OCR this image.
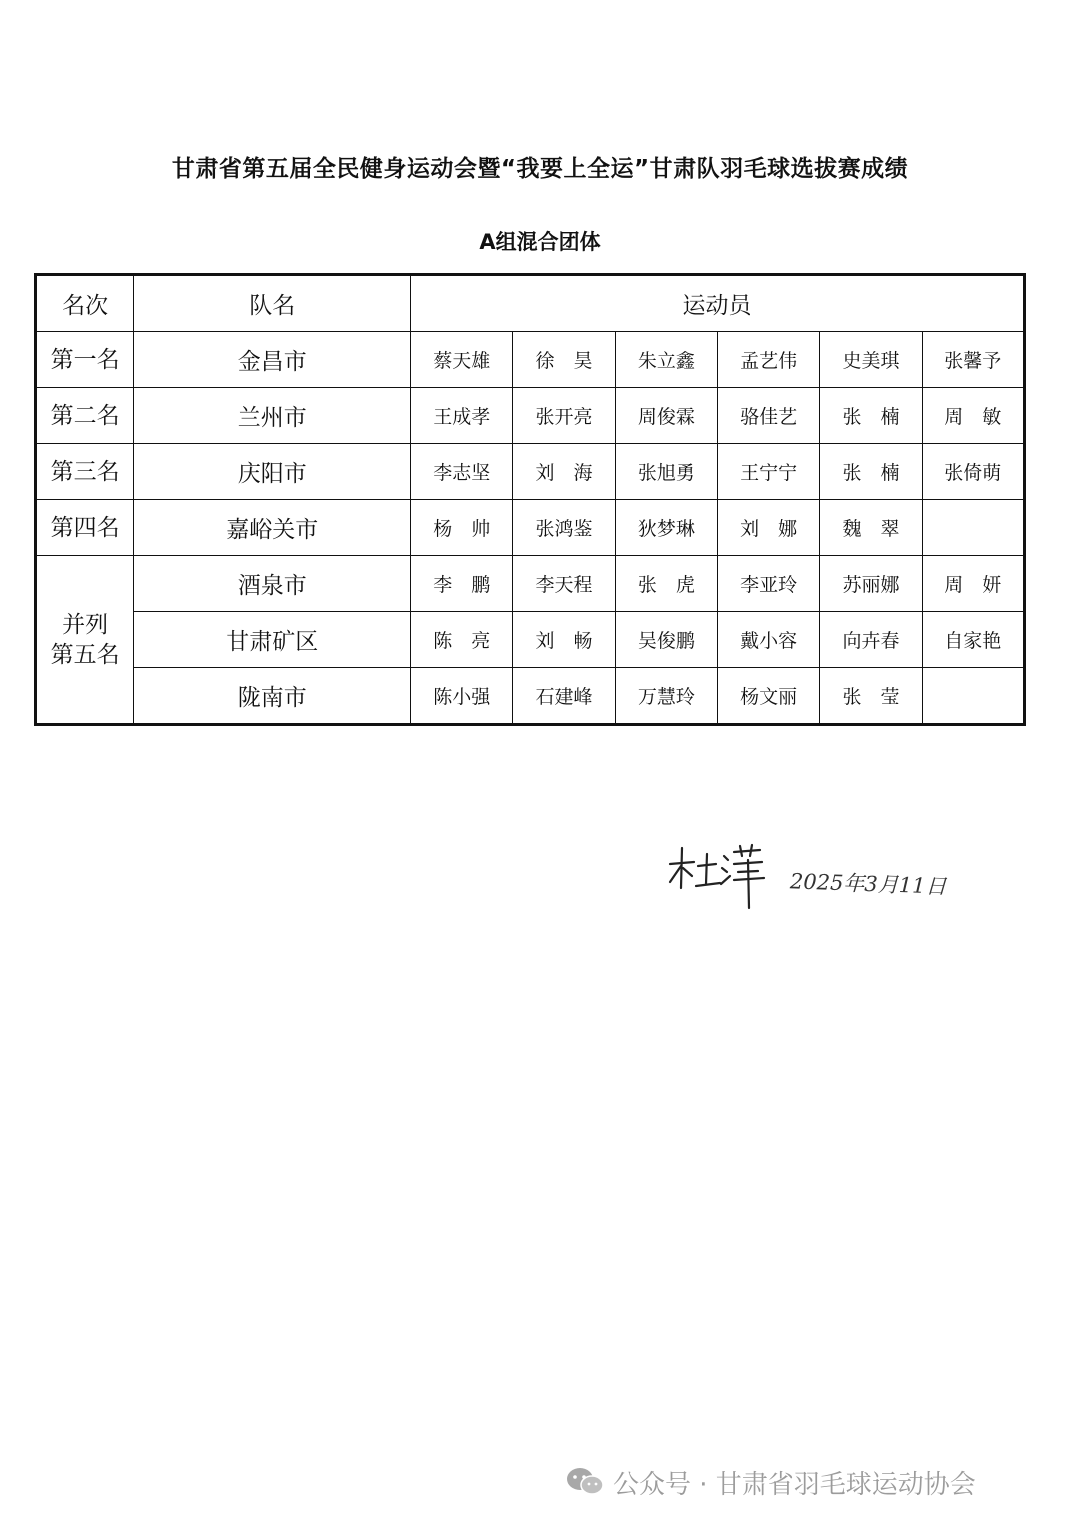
甘肃省第五届全民健身运动会暨“我要上全运”甘肃队羽毛球选拔赛成绩
A组混合团体
名次	队名	运动员					
第一名	金昌市	蔡天雄	徐　昊	朱立鑫	孟艺伟	史美琪	张馨予
第二名	兰州市	王成孝	张开亮	周俊霖	骆佳艺	张　楠	周　敏
第三名	庆阳市	李志坚	刘　海	张旭勇	王宁宁	张　楠	张倚萌
第四名	嘉峪关市	杨　帅	张鸿鉴	狄梦琳	刘　娜	魏　翠	
并列
第五名	酒泉市	李　鹏	李天程	张　虎	李亚玲	苏丽娜	周　妍
	甘肃矿区	陈　亮	刘　畅	吴俊鹏	戴小容	向卉春	自家艳
	陇南市	陈小强	石建峰	万慧玲	杨文丽	张　莹	
2025年3月11日
公众号 · 甘肃省羽毛球运动协会
